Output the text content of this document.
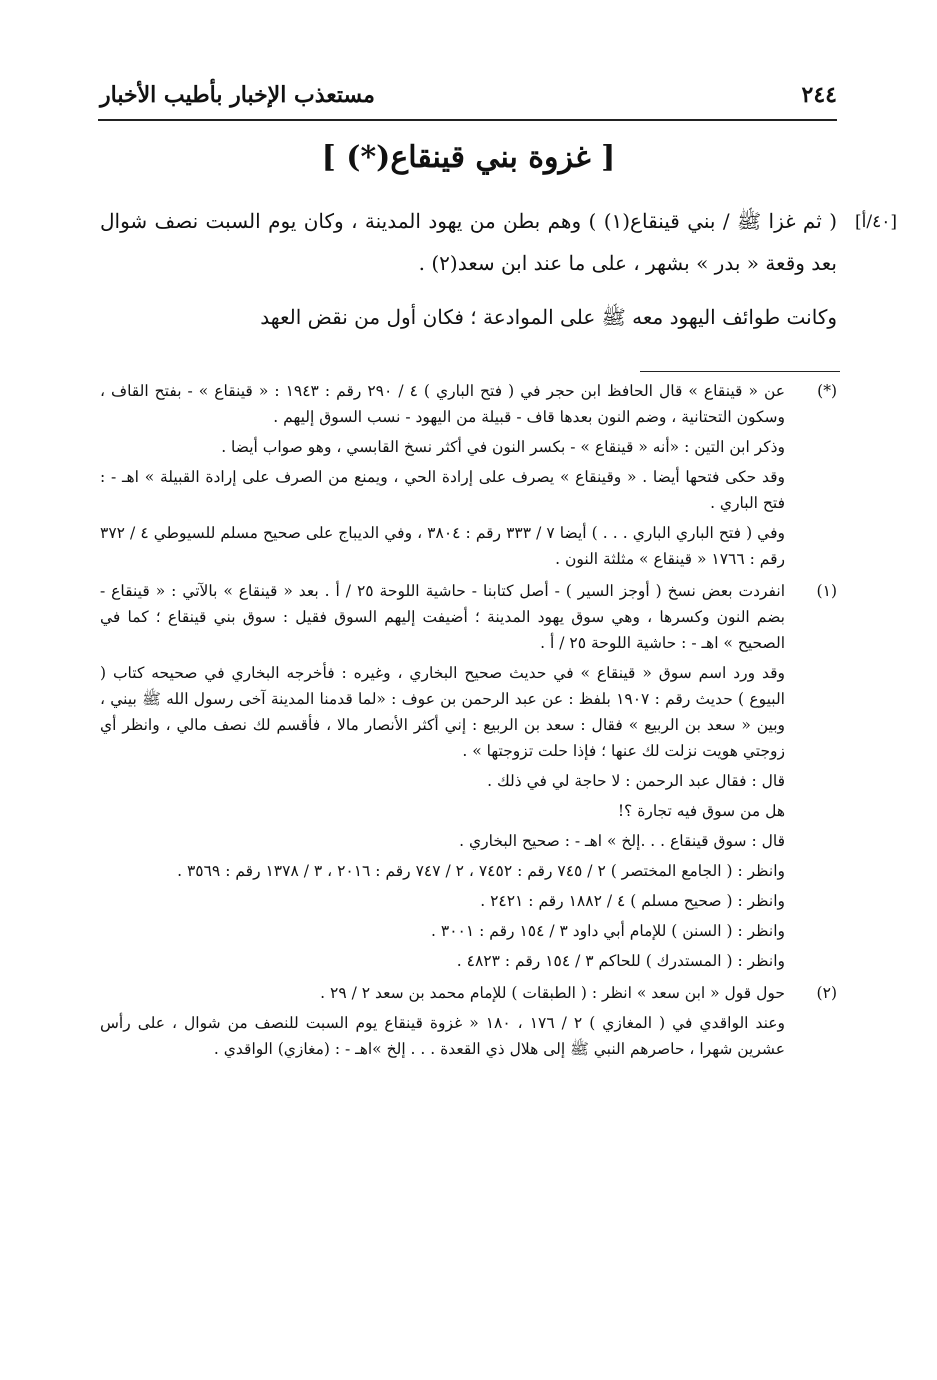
٢٤٤
مستعذب الإخبار بأطيب الأخبار
[ غزوة بني قينقاع(*) ]
[٤٠/أ]

( ثم غزا ﷺ / بني قينقاع(١) ) وهم بطن من يهود المدينة ، وكان يوم السبت نصف شوال بعد وقعة « بدر » بشهر ، على ما عند ابن سعد(٢) .

وكانت طوائف اليهود معه ﷺ على الموادعة ؛ فكان أول من نقض العهد

(*)
عن « قينقاع » قال الحافظ ابن حجر في ( فتح الباري ) ٤ / ٢٩٠ رقم : ١٩٤٣ : « قينقاع » - بفتح القاف ، وسكون التحتانية ، وضم النون بعدها قاف - قبيلة من اليهود - نسب السوق إليهم .
وذكر ابن التين : «أنه « قينقاع » - بكسر النون في أكثر نسخ القابسي ، وهو صواب أيضا .
وقد حكى فتحها أيضا . « وقينقاع » يصرف على إرادة الحي ، ويمنع من الصرف على إرادة القبيلة » اهـ - : فتح الباري .
وفي ( فتح الباري الباري . . . ) أيضا ٧ / ٣٣٣ رقم : ٣٨٠٤ ، وفي الديباج على صحيح مسلم للسيوطي ٤ / ٣٧٢ رقم : ١٧٦٦ « قينقاع » مثلثة النون .
(١)
انفردت بعض نسخ ( أوجز السير ) - أصل كتابنا - حاشية اللوحة ٢٥ / أ . بعد « قينقاع » بالآتي : « قينقاع - بضم النون وكسرها ، وهي سوق يهود المدينة ؛ أضيفت إليهم السوق فقيل : سوق بني قينقاع ؛ كما في الصحيح » اهـ - : حاشية اللوحة ٢٥ / أ .
وقد ورد اسم سوق « قينقاع » في حديث صحيح البخاري ، وغيره : فأخرجه البخاري في صحيحه كتاب ( البيوع ) حديث رقم : ١٩٠٧ بلفظ : عن عبد الرحمن بن عوف : «لما قدمنا المدينة آخى رسول الله ﷺ بيني ، وبين « سعد بن الربيع » فقال : سعد بن الربيع : إني أكثر الأنصار مالا ، فأقسم لك نصف مالي ، وانظر أي زوجتي هويت نزلت لك عنها ؛ فإذا حلت تزوجتها » .
قال : فقال عبد الرحمن : لا حاجة لي في ذلك .
هل من سوق فيه تجارة ؟!
قال : سوق قينقاع . . .إلخ » اهـ - : صحيح البخاري .
وانظر : ( الجامع المختصر ) ٢ / ٧٤٥ رقم : ٧٤٥٢ ، ٢ / ٧٤٧ رقم : ٢٠١٦ ، ٣ / ١٣٧٨ رقم : ٣٥٦٩ .
وانظر : ( صحيح مسلم ) ٤ / ١٨٨٢ رقم : ٢٤٢١ .
وانظر : ( السنن ) للإمام أبي داود ٣ / ١٥٤ رقم : ٣٠٠١ .
وانظر : ( المستدرك ) للحاكم ٣ / ١٥٤ رقم : ٤٨٢٣ .
(٢)
حول قول « ابن سعد » انظر : ( الطبقات ) للإمام محمد بن سعد ٢ / ٢٩ .
وعند الواقدي في ( المغازي ) ٢ / ١٧٦ ، ١٨٠ « غزوة قينقاع يوم السبت للنصف من شوال ، على رأس عشرين شهرا ، حاصرهم النبي ﷺ إلى هلال ذي القعدة . . . إلخ »اهـ - : (مغازي) الواقدي .
